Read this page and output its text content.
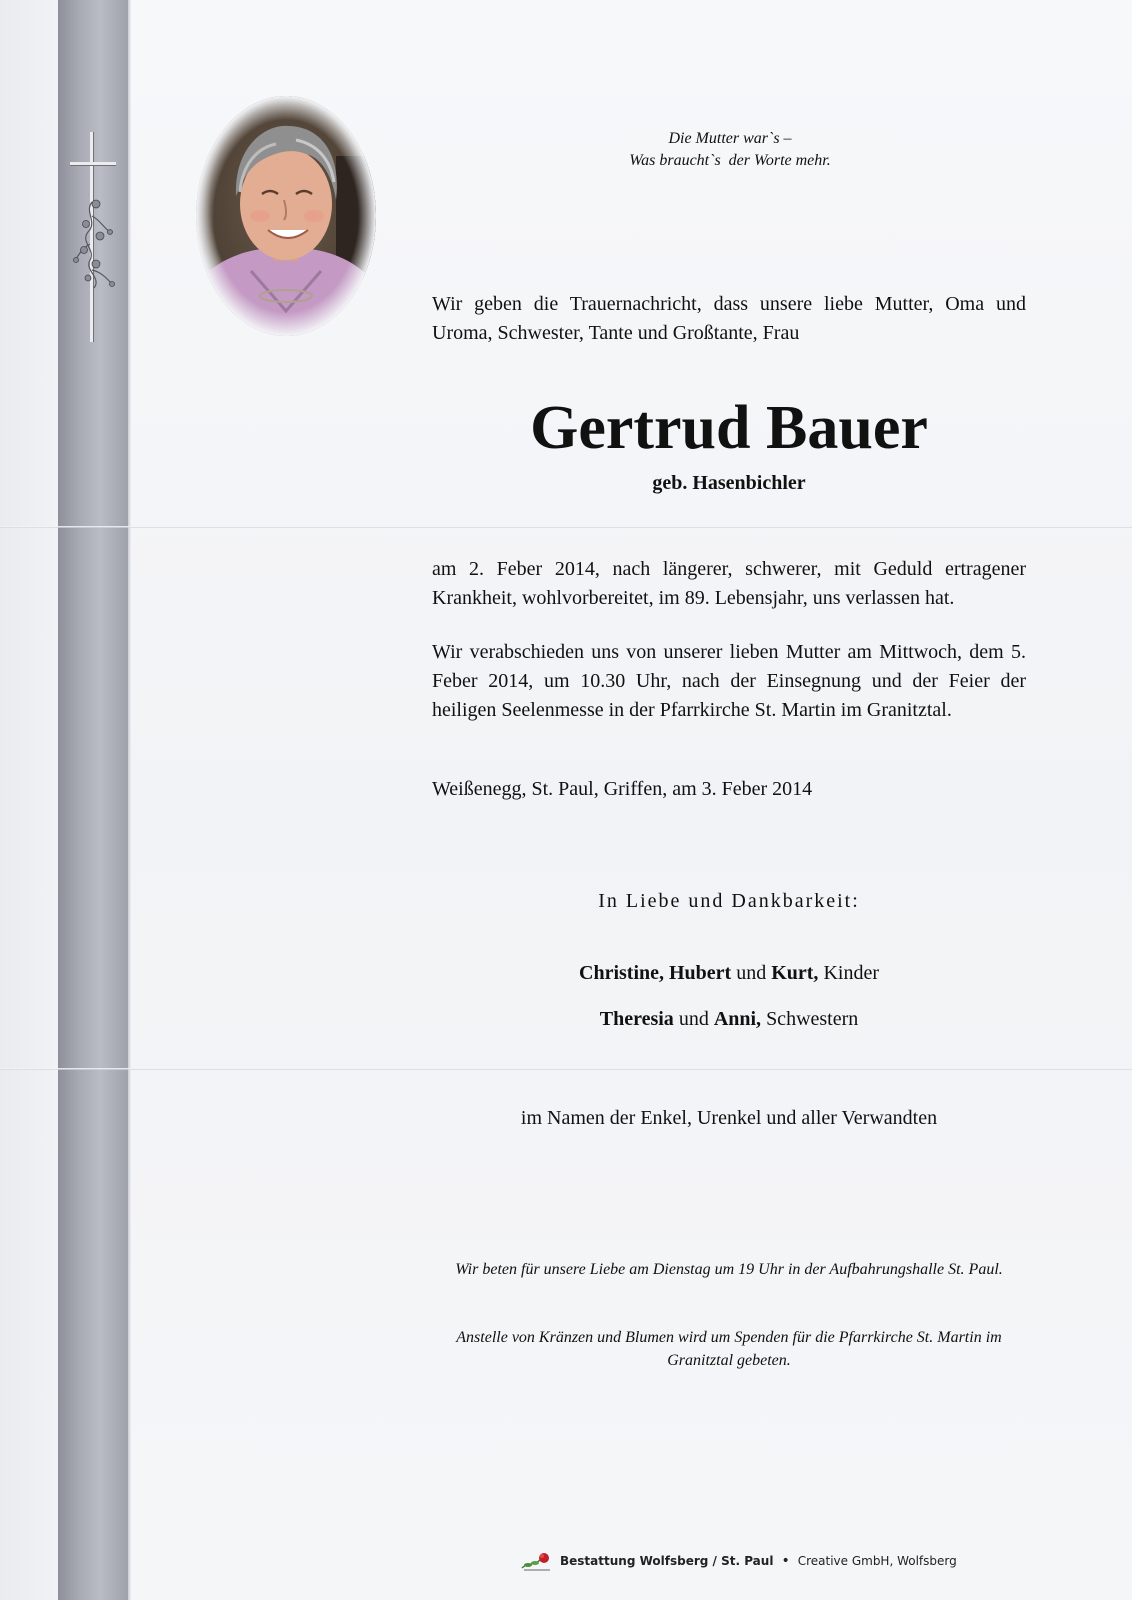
Die Mutter war`s –
Was braucht`s  der Worte mehr.

Wir geben die Trauernachricht, dass unsere liebe Mutter, Oma und Uroma, Schwester, Tante und Großtante, Frau

Gertrud Bauer
geb. Hasenbichler

am 2. Feber 2014, nach längerer, schwerer, mit Geduld ertragener Krankheit, wohlvorbereitet, im 89. Lebensjahr, uns verlassen hat.

Wir verabschieden uns von unserer lieben Mutter am Mittwoch, dem 5. Feber 2014, um 10.30 Uhr, nach der Einsegnung und der Feier der heiligen Seelenmesse in der Pfarrkirche St. Martin im Granitztal.

Weißenegg, St. Paul, Griffen, am 3. Feber 2014

In Liebe und Dankbarkeit:
Christine, Hubert und Kurt, Kinder
Theresia und Anni, Schwestern
im Namen der Enkel, Urenkel und aller Verwandten

Wir beten für unsere Liebe am Dienstag um 19 Uhr in der Aufbahrungshalle St. Paul.

Anstelle von Kränzen und Blumen wird um Spenden für die Pfarrkirche St. Martin im Granitztal gebeten.

Bestattung Wolfsberg / St. Paul • Creative GmbH, Wolfsberg
